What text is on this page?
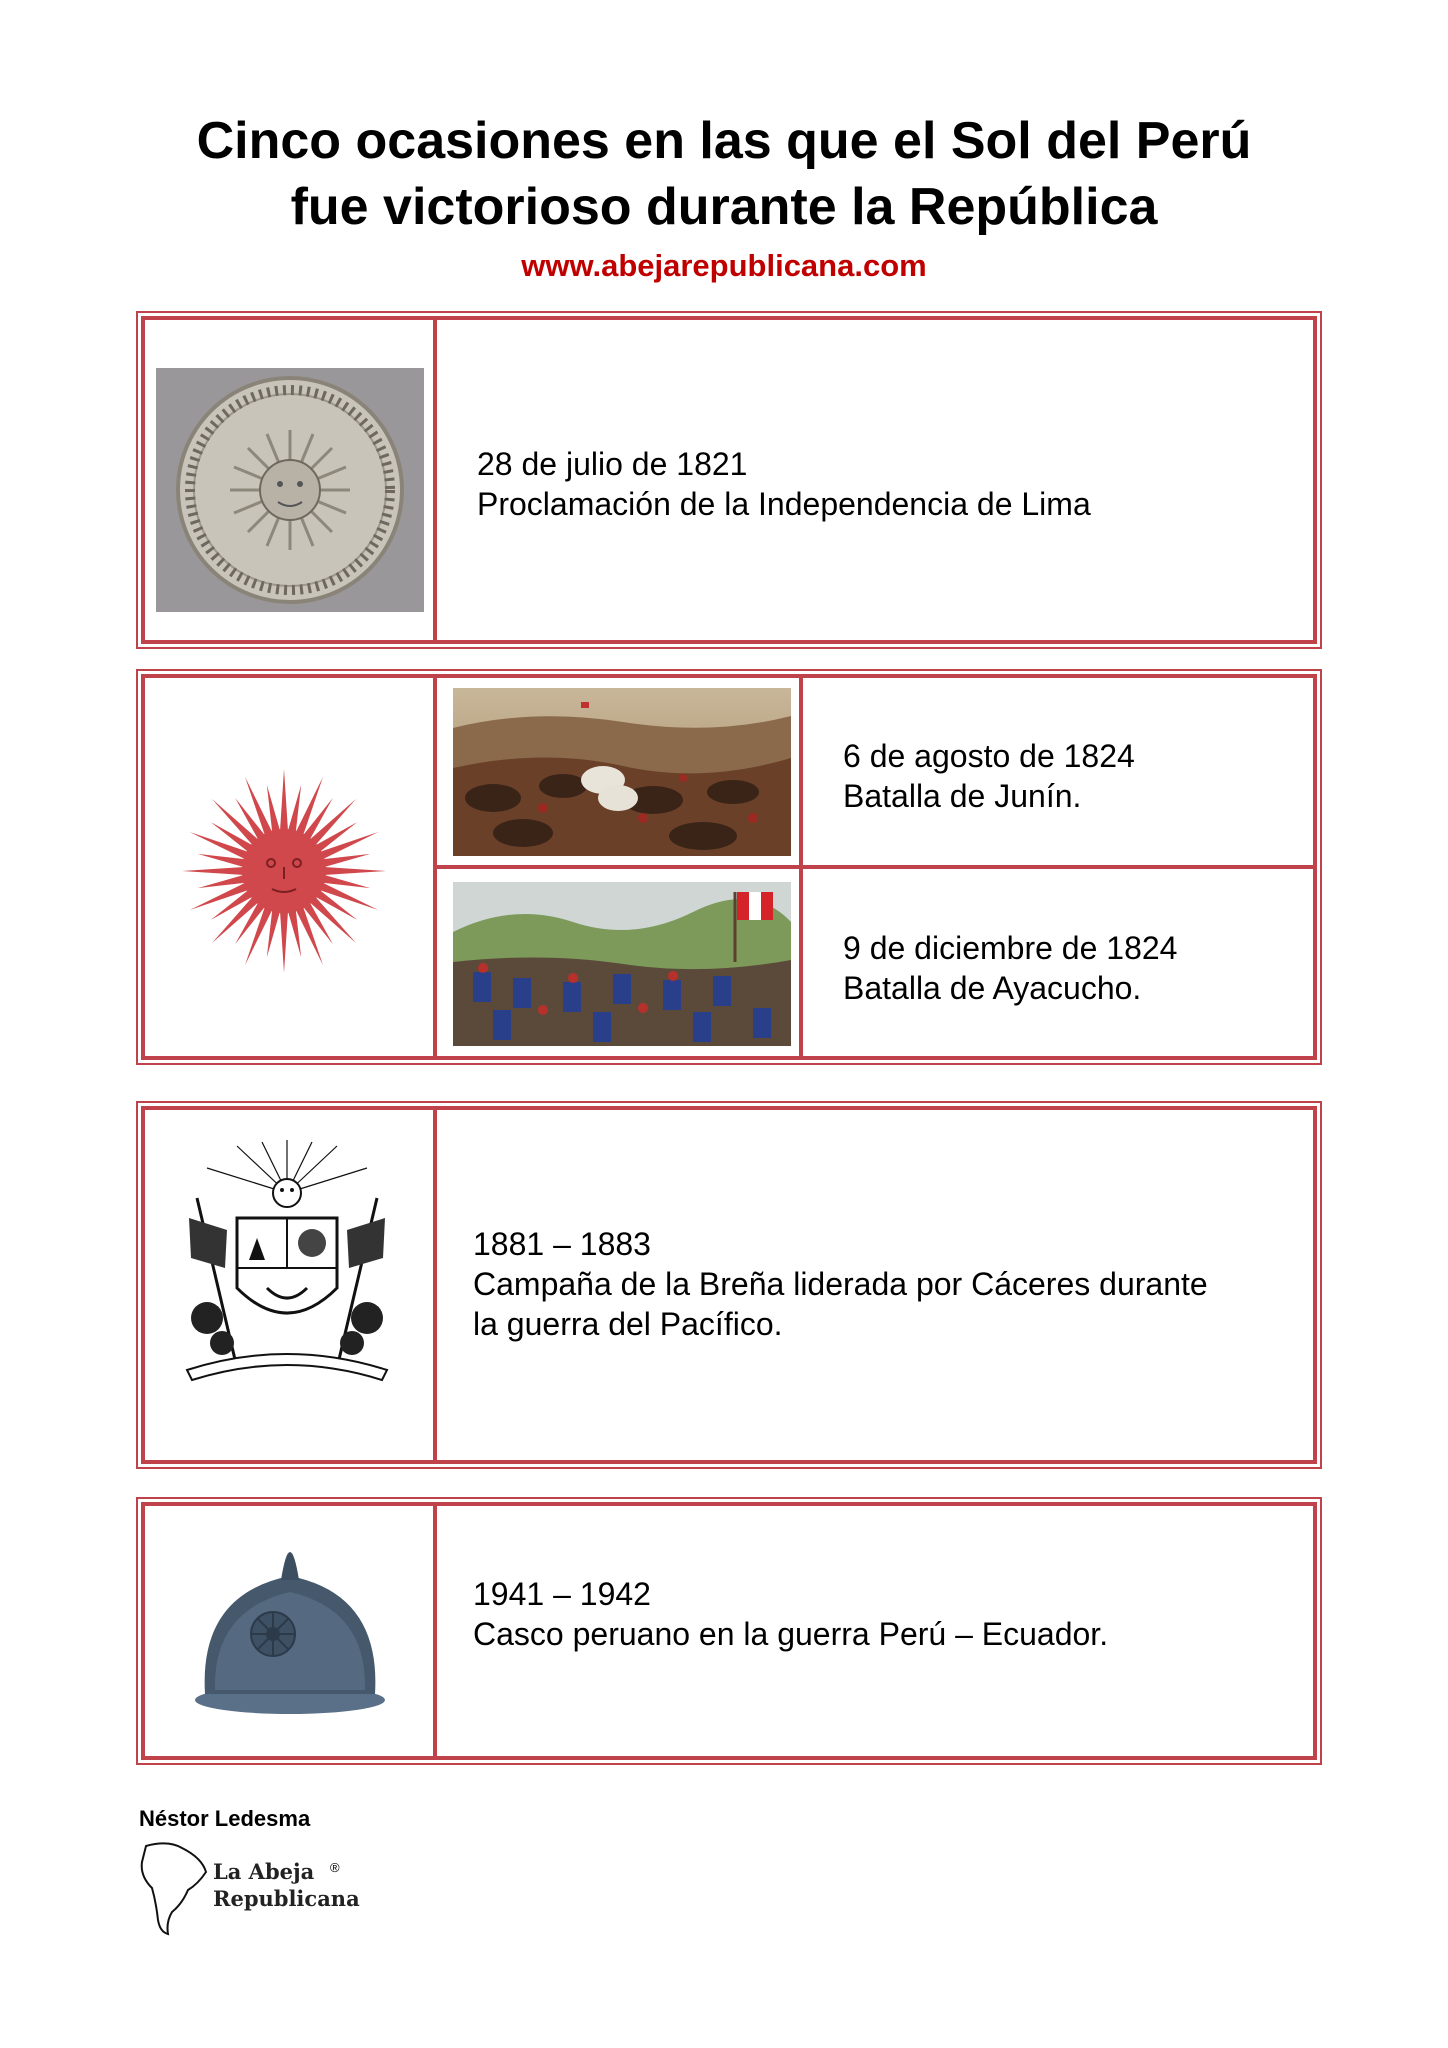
Cinco ocasiones en las que el Sol del Perú
fue victorioso durante la República
www.abejarepublicana.com
28 de julio de 1821
Proclamación de la Independencia de Lima
6 de agosto de 1824
Batalla de Junín.
9 de diciembre de 1824
Batalla de Ayacucho.
1881 – 1883
Campaña de la Breña liderada por Cáceres durante
la guerra del Pacífico.
1941 – 1942
Casco peruano en la guerra Perú – Ecuador.
Néstor Ledesma
La Abeja
Republicana
®
